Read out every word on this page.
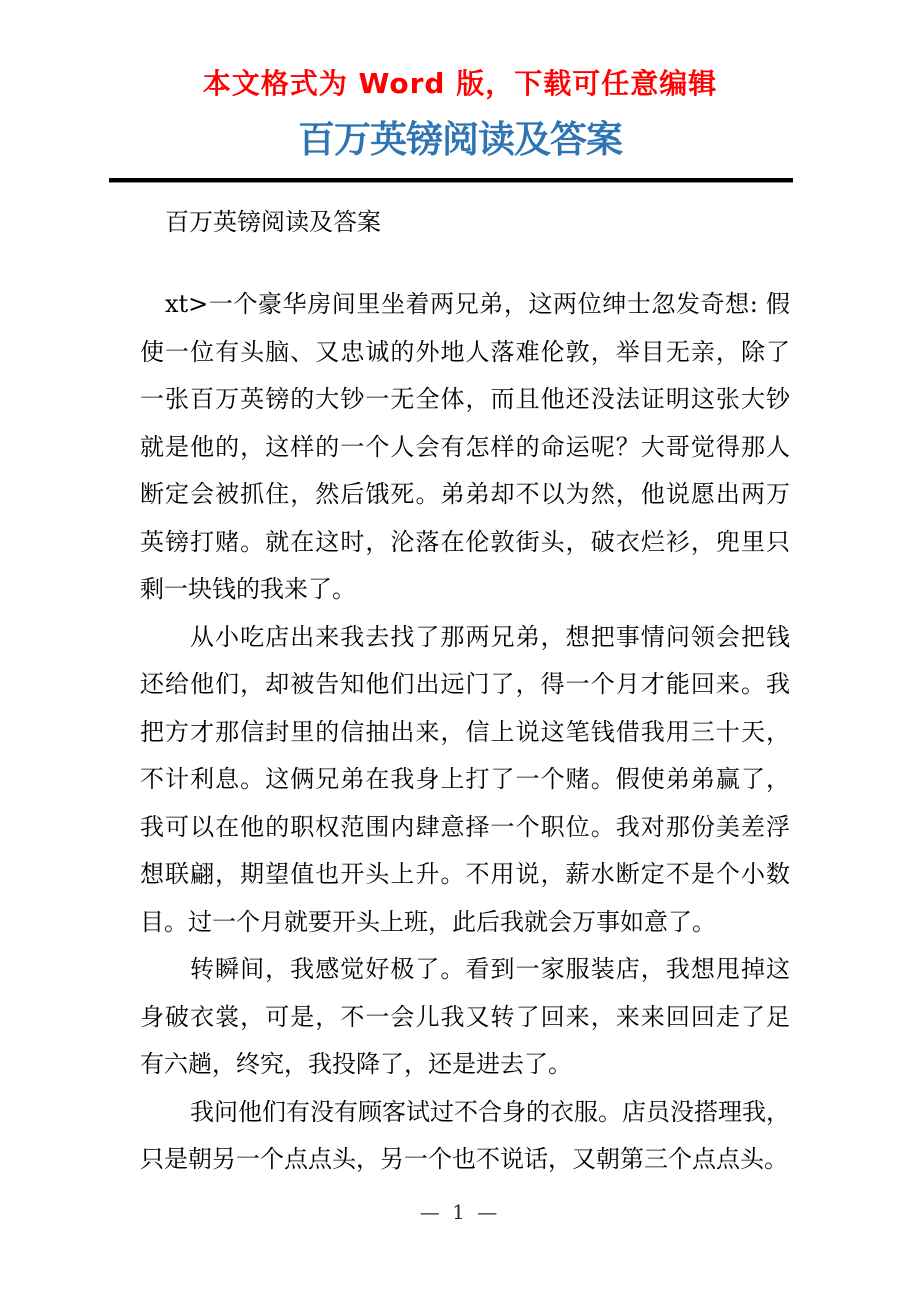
本文格式为 Word 版，下载可任意编辑
百万英镑阅读及答案
百万英镑阅读及答案
xt>一个豪华房间里坐着两兄弟，这两位绅士忽发奇想: 假
使一位有头脑、又忠诚的外地人落难伦敦，举目无亲，除了
一张百万英镑的大钞一无全体，而且他还没法证明这张大钞
就是他的，这样的一个人会有怎样的命运呢？大哥觉得那人
断定会被抓住，然后饿死。弟弟却不以为然，他说愿出两万
英镑打赌。就在这时，沦落在伦敦街头，破衣烂衫，兜里只
剩一块钱的我来了。
从小吃店出来我去找了那两兄弟，想把事情问领会把钱
还给他们，却被告知他们出远门了，得一个月才能回来。我
把方才那信封里的信抽出来，信上说这笔钱借我用三十天，
不计利息。这俩兄弟在我身上打了一个赌。假使弟弟赢了，
我可以在他的职权范围内肆意择一个职位。我对那份美差浮
想联翩，期望值也开头上升。不用说，薪水断定不是个小数
目。过一个月就要开头上班，此后我就会万事如意了。
转瞬间，我感觉好极了。看到一家服装店，我想甩掉这
身破衣裳，可是，不一会儿我又转了回来，来来回回走了足
有六趟，终究，我投降了，还是进去了。
我问他们有没有顾客试过不合身的衣服。店员没搭理我，
只是朝另一个点点头，另一个也不说话，又朝第三个点点头。
— 1 —
